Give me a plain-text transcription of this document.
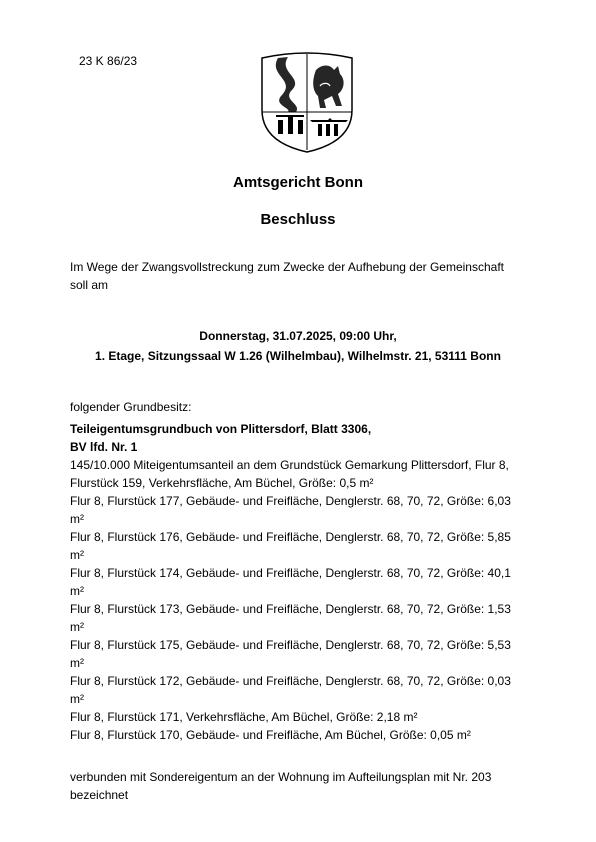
23 K 86/23
Amtsgericht Bonn
Beschluss

Im Wege der Zwangsvollstreckung zum Zwecke der Aufhebung der Gemeinschaft

soll am

Donnerstag, 31.07.2025, 09:00 Uhr,

1. Etage, Sitzungssaal W 1.26 (Wilhelmbau), Wilhelmstr. 21, 53111 Bonn

folgender Grundbesitz:

Teileigentumsgrundbuch von Plittersdorf, Blatt 3306,

BV lfd. Nr. 1

145/10.000 Miteigentumsanteil an dem Grundstück Gemarkung Plittersdorf, Flur 8,

Flurstück 159, Verkehrsfläche, Am Büchel, Größe: 0,5 m²

Flur 8, Flurstück 177, Gebäude- und Freifläche, Denglerstr. 68, 70, 72, Größe: 6,03

m²

Flur 8, Flurstück 176, Gebäude- und Freifläche, Denglerstr. 68, 70, 72, Größe: 5,85

m²

Flur 8, Flurstück 174, Gebäude- und Freifläche, Denglerstr. 68, 70, 72, Größe: 40,1

m²

Flur 8, Flurstück 173, Gebäude- und Freifläche, Denglerstr. 68, 70, 72, Größe: 1,53

m²

Flur 8, Flurstück 175, Gebäude- und Freifläche, Denglerstr. 68, 70, 72, Größe: 5,53

m²

Flur 8, Flurstück 172, Gebäude- und Freifläche, Denglerstr. 68, 70, 72, Größe: 0,03

m²

Flur 8, Flurstück 171, Verkehrsfläche, Am Büchel, Größe: 2,18 m²

Flur 8, Flurstück 170, Gebäude- und Freifläche, Am Büchel, Größe: 0,05 m²

verbunden mit Sondereigentum an der Wohnung im Aufteilungsplan mit Nr. 203

bezeichnet
